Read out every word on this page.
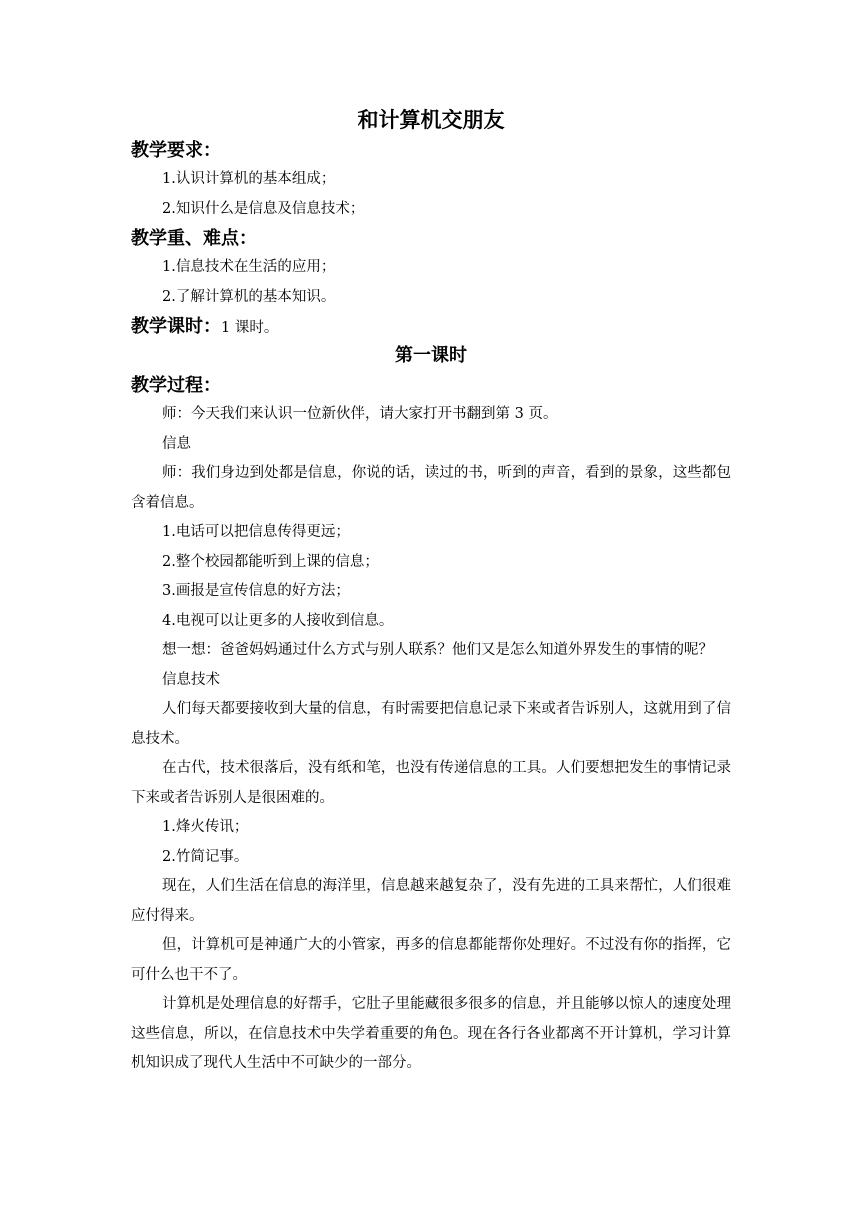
和计算机交朋友
教学要求：

1.认识计算机的基本组成；

2.知识什么是信息及信息技术；

教学重、难点：

1.信息技术在生活的应用；

2.了解计算机的基本知识。

教学课时：1 课时。
第一课时
教学过程：

师：今天我们来认识一位新伙伴，请大家打开书翻到第 3 页。

信息

师：我们身边到处都是信息，你说的话，读过的书，听到的声音，看到的景象，这些都包含着信息。

1.电话可以把信息传得更远；

2.整个校园都能听到上课的信息；

3.画报是宣传信息的好方法；

4.电视可以让更多的人接收到信息。

想一想：爸爸妈妈通过什么方式与别人联系？他们又是怎么知道外界发生的事情的呢？

信息技术

人们每天都要接收到大量的信息，有时需要把信息记录下来或者告诉别人，这就用到了信息技术。

在古代，技术很落后，没有纸和笔，也没有传递信息的工具。人们要想把发生的事情记录下来或者告诉别人是很困难的。

1.烽火传讯；

2.竹简记事。

现在，人们生活在信息的海洋里，信息越来越复杂了，没有先进的工具来帮忙，人们很难应付得来。

但，计算机可是神通广大的小管家，再多的信息都能帮你处理好。不过没有你的指挥，它可什么也干不了。

计算机是处理信息的好帮手，它肚子里能藏很多很多的信息，并且能够以惊人的速度处理这些信息，所以，在信息技术中失学着重要的角色。现在各行各业都离不开计算机，学习计算机知识成了现代人生活中不可缺少的一部分。
